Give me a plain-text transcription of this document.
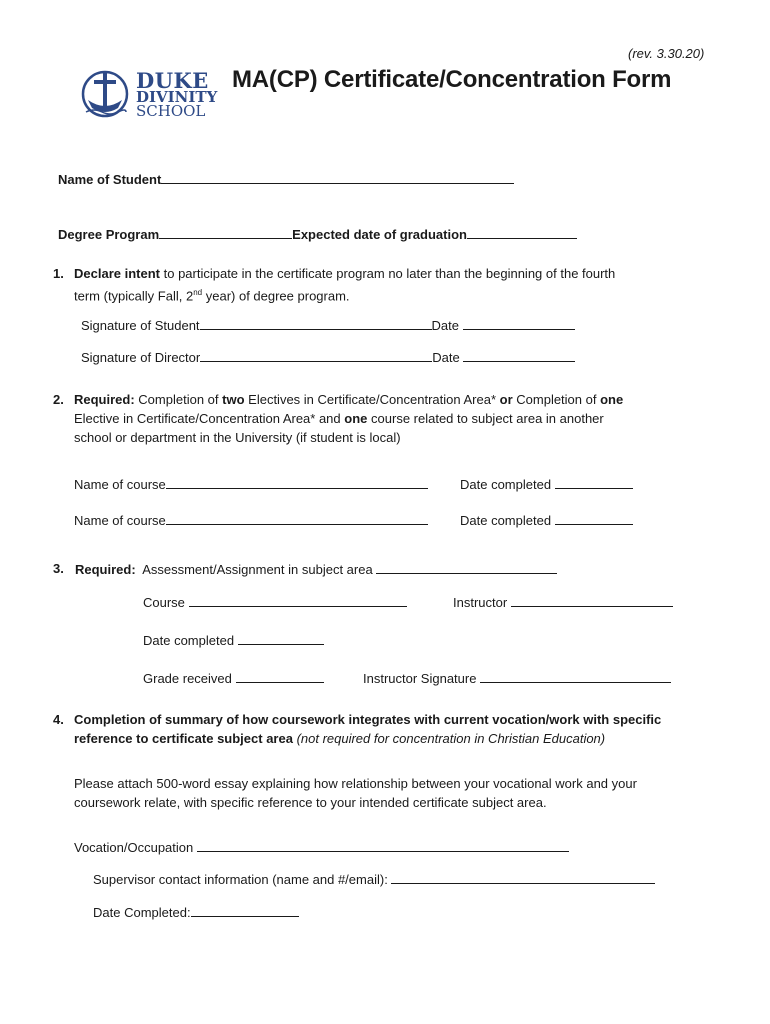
(rev. 3.30.20)
DUKE
DIVINITY
SCHOOL
MA(CP) Certificate/Concentration Form
Name of Student
Degree Program	Expected date of graduation
1. Declare intent to participate in the certificate program no later than the beginning of the fourth
term (typically Fall, 2nd year) of degree program.
Signature of Student	Date
Signature of Director	Date
2. Required: Completion of two Electives in Certificate/Concentration Area* or Completion of one
Elective in Certificate/Concentration Area* and one course related to subject area in another
school or department in the University (if student is local)
Name of course	Date completed
Name of course	Date completed
3. Required: Assessment/Assignment in subject area
Course	Instructor
Date completed
Grade received	Instructor Signature
4. Completion of summary of how coursework integrates with current vocation/work with specific
reference to certificate subject area (not required for concentration in Christian Education)
Please attach 500-word essay explaining how relationship between your vocational work and your
coursework relate, with specific reference to your intended certificate subject area.
Vocation/Occupation
Supervisor contact information (name and #/email):
Date Completed:
